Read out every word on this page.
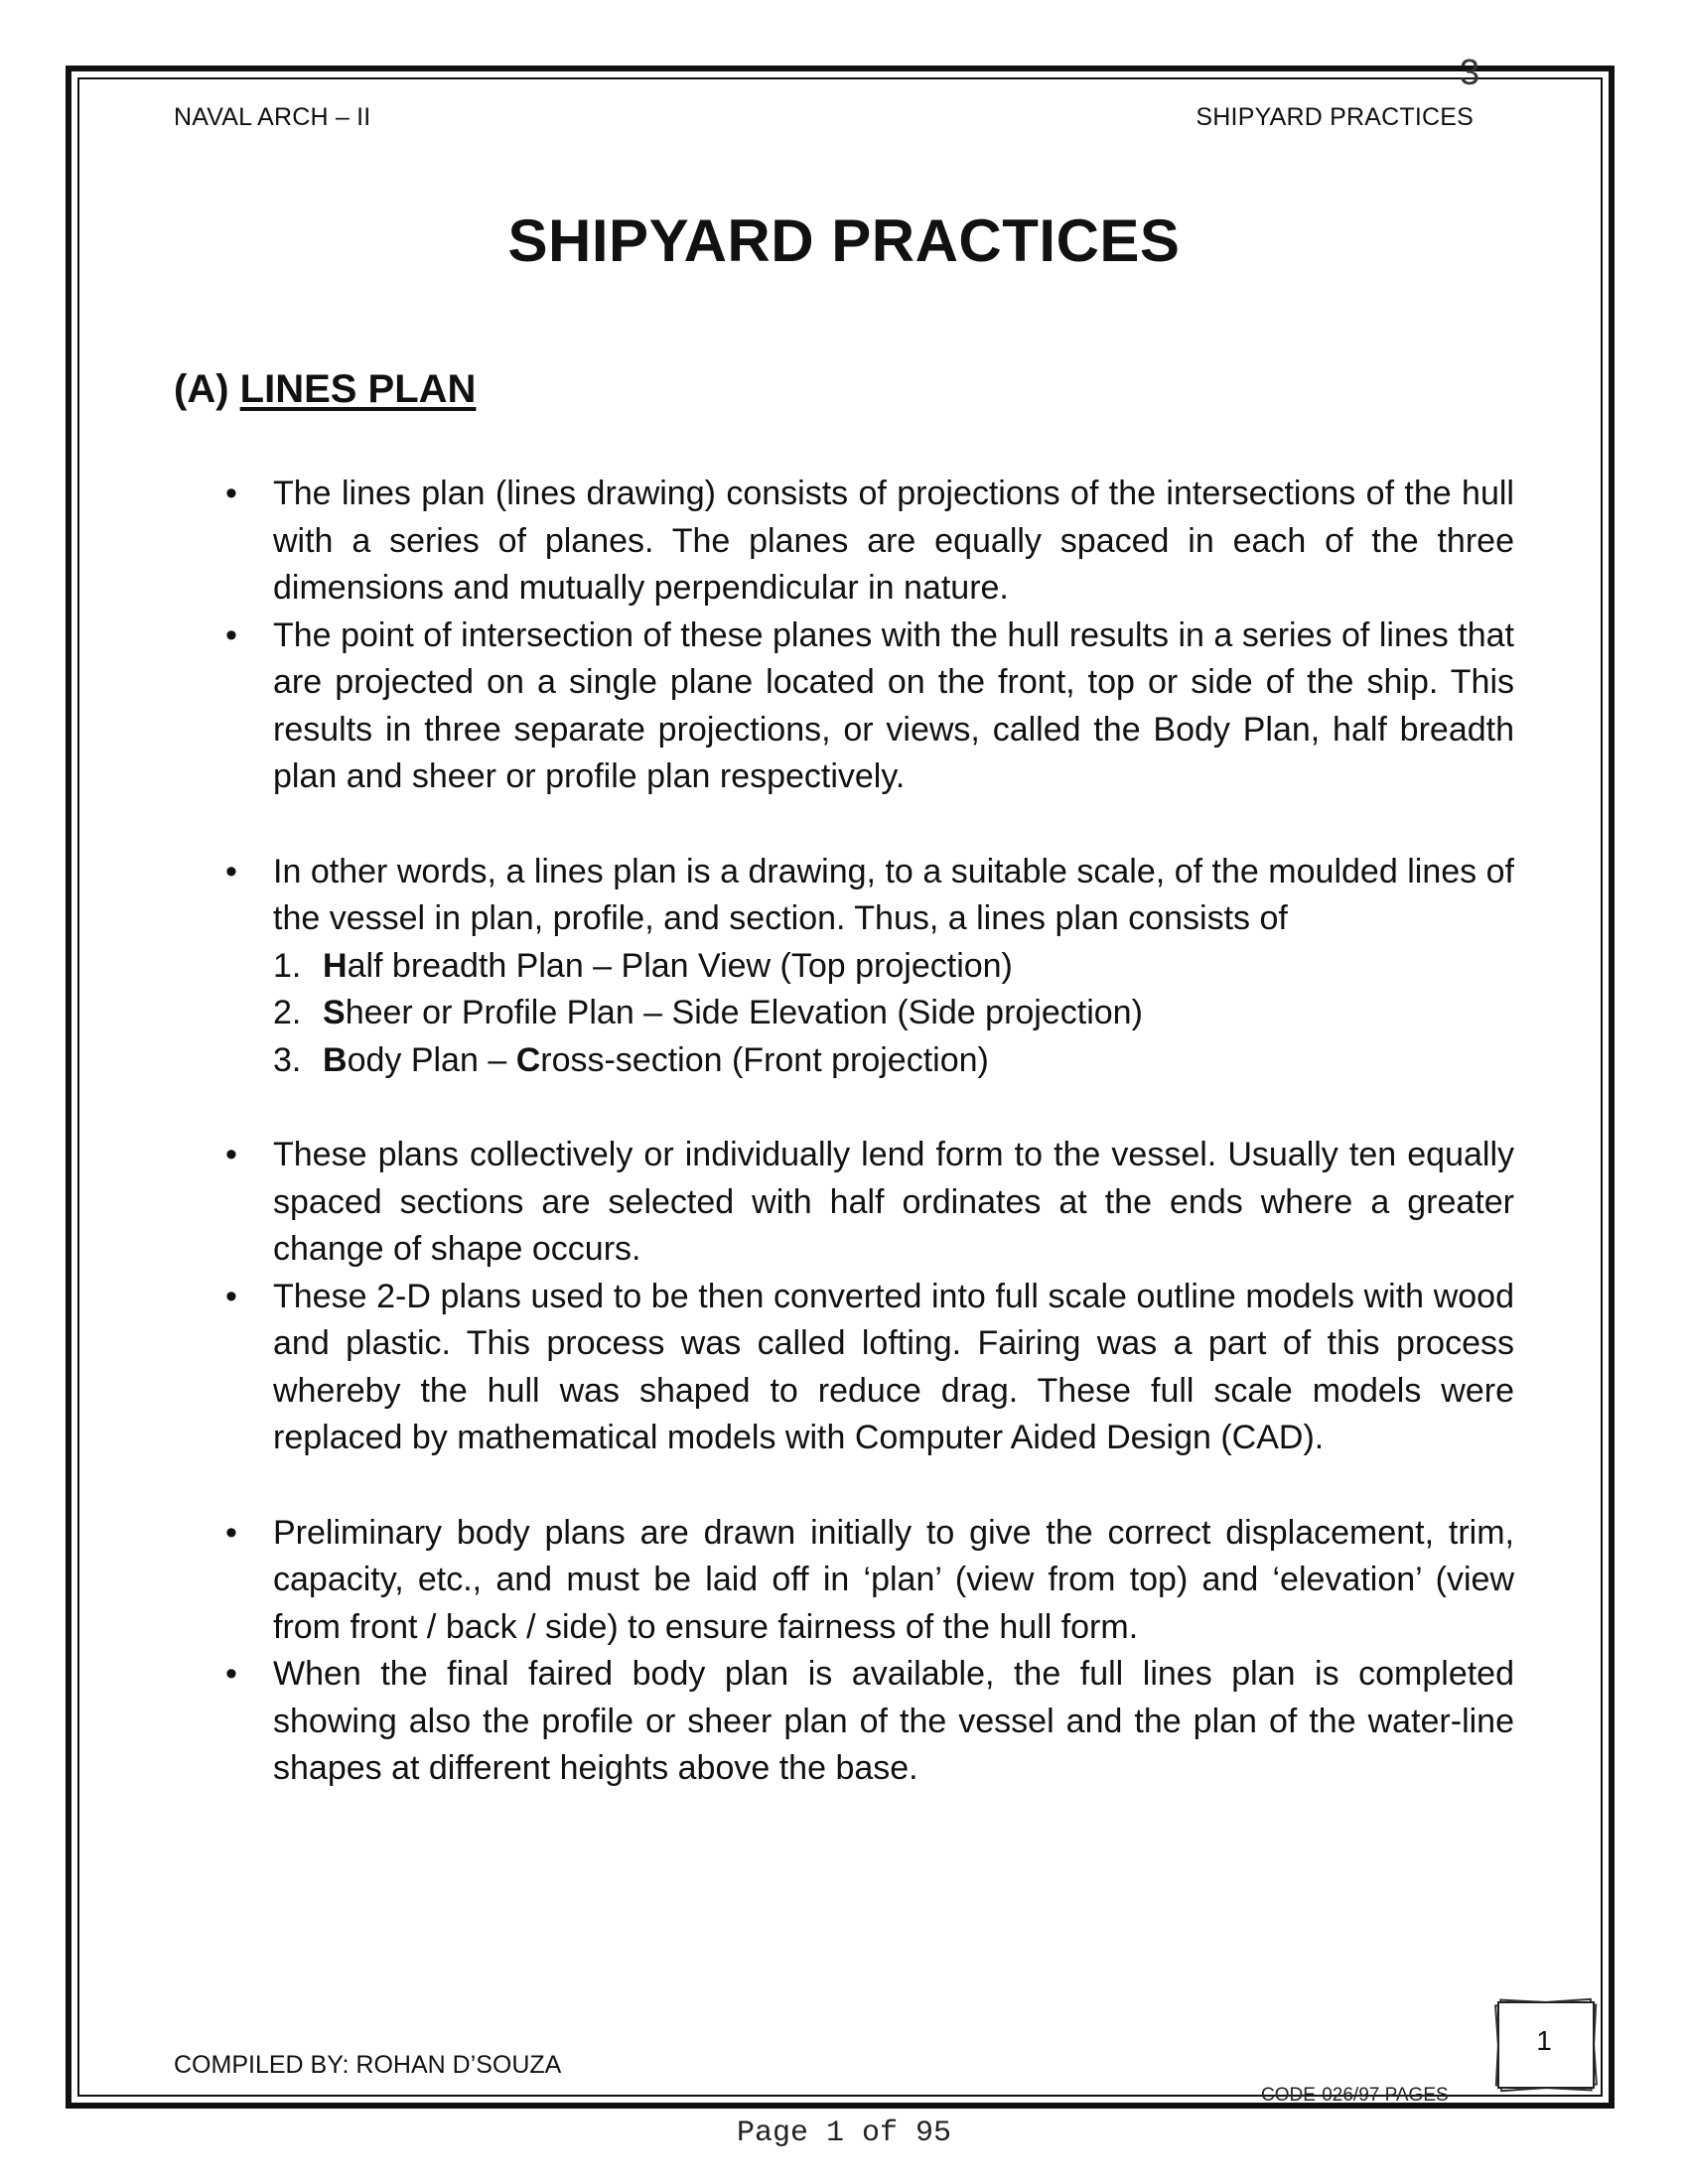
3
NAVAL ARCH – II	SHIPYARD PRACTICES
SHIPYARD PRACTICES
(A) LINES PLAN
• The lines plan (lines drawing) consists of projections of the intersections of the hull with a series of planes. The planes are equally spaced in each of the three dimensions and mutually perpendicular in nature.
• The point of intersection of these planes with the hull results in a series of lines that are projected on a single plane located on the front, top or side of the ship. This results in three separate projections, or views, called the Body Plan, half breadth plan and sheer or profile plan respectively.
• In other words, a lines plan is a drawing, to a suitable scale, of the moulded lines of the vessel in plan, profile, and section. Thus, a lines plan consists of
1. Half breadth Plan – Plan View (Top projection)
2. Sheer or Profile Plan – Side Elevation (Side projection)
3. Body Plan – Cross-section (Front projection)
• These plans collectively or individually lend form to the vessel. Usually ten equally spaced sections are selected with half ordinates at the ends where a greater change of shape occurs.
• These 2-D plans used to be then converted into full scale outline models with wood and plastic. This process was called lofting. Fairing was a part of this process whereby the hull was shaped to reduce drag. These full scale models were replaced by mathematical models with Computer Aided Design (CAD).
• Preliminary body plans are drawn initially to give the correct displacement, trim, capacity, etc., and must be laid off in ‘plan’ (view from top) and ‘elevation’ (view from front / back / side) to ensure fairness of the hull form.
• When the final faired body plan is available, the full lines plan is completed showing also the profile or sheer plan of the vessel and the plan of the water-line shapes at different heights above the base.
COMPILED BY: ROHAN D’SOUZA
1
CODE-026/97 PAGES
Page 1 of 95
